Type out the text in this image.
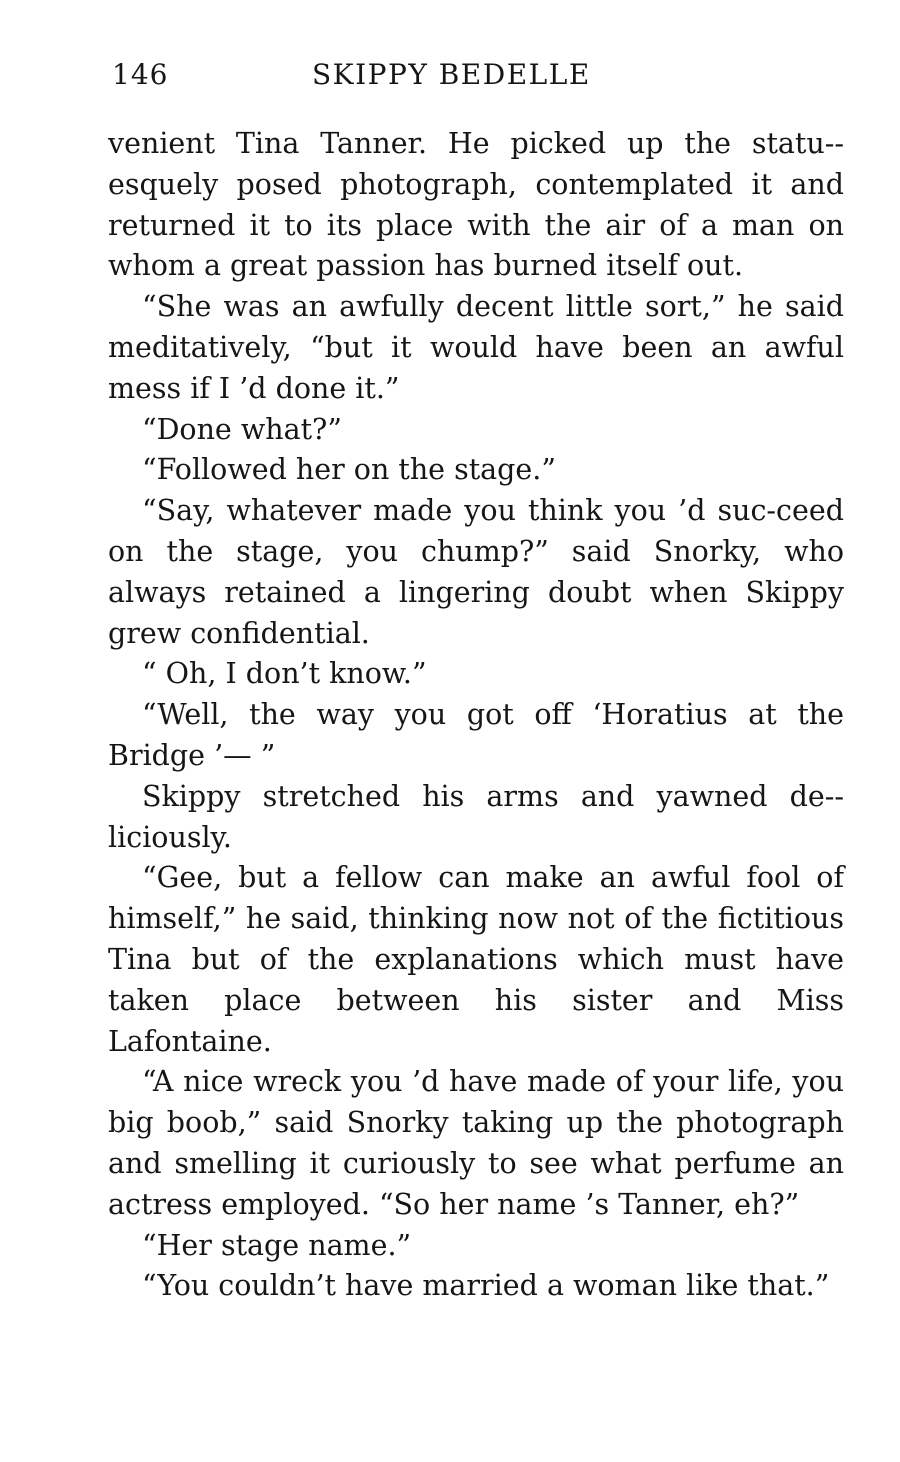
146	SKIPPY BEDELLE

venient Tina Tanner. He picked up the statu-esquely posed photograph, contemplated it and returned it to its place with the air of a man on whom a great passion has burned itself out.

“She was an awfully decent little sort,” he said meditatively, “but it would have been an awful mess if I ’d done it.”

“Done what?”

“Followed her on the stage.”

“Say, whatever made you think you ’d suc-ceed on the stage, you chump?” said Snorky, who always retained a lingering doubt when Skippy grew confidential.

“ Oh, I don’t know.”

“Well, the way you got off ‘Horatius at the Bridge ’— ”

Skippy stretched his arms and yawned de-liciously.

“Gee, but a fellow can make an awful fool of himself,” he said, thinking now not of the fictitious Tina but of the explanations which must have taken place between his sister and Miss Lafontaine.

“A nice wreck you ’d have made of your life, you big boob,” said Snorky taking up the photograph and smelling it curiously to see what perfume an actress employed. “So her name ’s Tanner, eh?”

“Her stage name.”

“You couldn’t have married a woman like that.”
